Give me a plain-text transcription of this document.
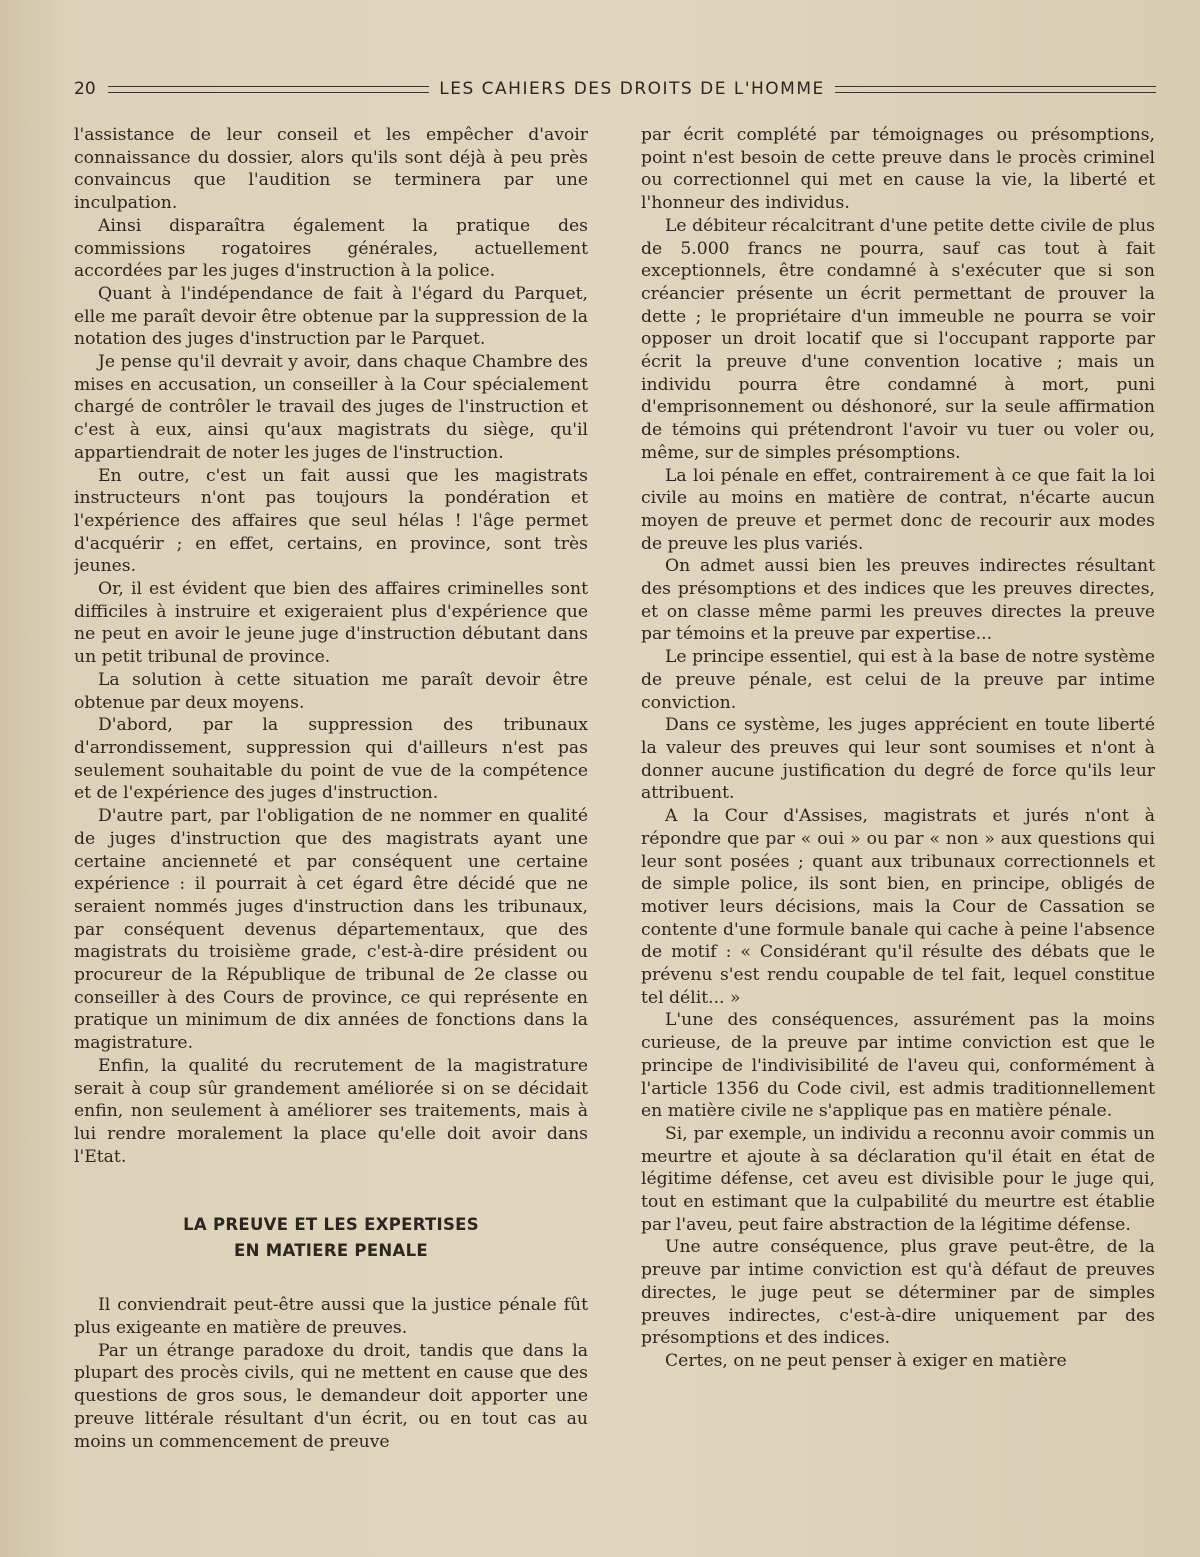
20	LES CAHIERS DES DROITS DE L'HOMME

l'assistance de leur conseil et les empêcher d'avoir connaissance du dossier, alors qu'ils sont déjà à peu près convaincus que l'audition se terminera par une inculpation.

Ainsi disparaîtra également la pratique des commissions rogatoires générales, actuellement accordées par les juges d'instruction à la police.

Quant à l'indépendance de fait à l'égard du Parquet, elle me paraît devoir être obtenue par la suppression de la notation des juges d'instruction par le Parquet.

Je pense qu'il devrait y avoir, dans chaque Chambre des mises en accusation, un conseiller à la Cour spécialement chargé de contrôler le travail des juges de l'instruction et c'est à eux, ainsi qu'aux magistrats du siège, qu'il appartiendrait de noter les juges de l'instruction.

En outre, c'est un fait aussi que les magistrats instructeurs n'ont pas toujours la pondération et l'expérience des affaires que seul hélas ! l'âge permet d'acquérir ; en effet, certains, en province, sont très jeunes.

Or, il est évident que bien des affaires criminelles sont difficiles à instruire et exigeraient plus d'expérience que ne peut en avoir le jeune juge d'instruction débutant dans un petit tribunal de province.

La solution à cette situation me paraît devoir être obtenue par deux moyens.

D'abord, par la suppression des tribunaux d'arrondissement, suppression qui d'ailleurs n'est pas seulement souhaitable du point de vue de la compétence et de l'expérience des juges d'instruction.

D'autre part, par l'obligation de ne nommer en qualité de juges d'instruction que des magistrats ayant une certaine ancienneté et par conséquent une certaine expérience : il pourrait à cet égard être décidé que ne seraient nommés juges d'instruction dans les tribunaux, par conséquent devenus départementaux, que des magistrats du troisième grade, c'est-à-dire président ou procureur de la République de tribunal de 2e classe ou conseiller à des Cours de province, ce qui représente en pratique un minimum de dix années de fonctions dans la magistrature.

Enfin, la qualité du recrutement de la magistrature serait à coup sûr grandement améliorée si on se décidait enfin, non seulement à améliorer ses traitements, mais à lui rendre moralement la place qu'elle doit avoir dans l'Etat.

LA PREUVE ET LES EXPERTISES
EN MATIERE PENALE

Il conviendrait peut-être aussi que la justice pénale fût plus exigeante en matière de preuves.

Par un étrange paradoxe du droit, tandis que dans la plupart des procès civils, qui ne mettent en cause que des questions de gros sous, le demandeur doit apporter une preuve littérale résultant d'un écrit, ou en tout cas au moins un commencement de preuve

par écrit complété par témoignages ou présomptions, point n'est besoin de cette preuve dans le procès criminel ou correctionnel qui met en cause la vie, la liberté et l'honneur des individus.

Le débiteur récalcitrant d'une petite dette civile de plus de 5.000 francs ne pourra, sauf cas tout à fait exceptionnels, être condamné à s'exécuter que si son créancier présente un écrit permettant de prouver la dette ; le propriétaire d'un immeuble ne pourra se voir opposer un droit locatif que si l'occupant rapporte par écrit la preuve d'une convention locative ; mais un individu pourra être condamné à mort, puni d'emprisonnement ou déshonoré, sur la seule affirmation de témoins qui prétendront l'avoir vu tuer ou voler ou, même, sur de simples présomptions.

La loi pénale en effet, contrairement à ce que fait la loi civile au moins en matière de contrat, n'écarte aucun moyen de preuve et permet donc de recourir aux modes de preuve les plus variés.

On admet aussi bien les preuves indirectes résultant des présomptions et des indices que les preuves directes, et on classe même parmi les preuves directes la preuve par témoins et la preuve par expertise...

Le principe essentiel, qui est à la base de notre système de preuve pénale, est celui de la preuve par intime conviction.

Dans ce système, les juges apprécient en toute liberté la valeur des preuves qui leur sont soumises et n'ont à donner aucune justification du degré de force qu'ils leur attribuent.

A la Cour d'Assises, magistrats et jurés n'ont à répondre que par « oui » ou par « non » aux questions qui leur sont posées ; quant aux tribunaux correctionnels et de simple police, ils sont bien, en principe, obligés de motiver leurs décisions, mais la Cour de Cassation se contente d'une formule banale qui cache à peine l'absence de motif : « Considérant qu'il résulte des débats que le prévenu s'est rendu coupable de tel fait, lequel constitue tel délit... »

L'une des conséquences, assurément pas la moins curieuse, de la preuve par intime conviction est que le principe de l'indivisibilité de l'aveu qui, conformément à l'article 1356 du Code civil, est admis traditionnellement en matière civile ne s'applique pas en matière pénale.

Si, par exemple, un individu a reconnu avoir commis un meurtre et ajoute à sa déclaration qu'il était en état de légitime défense, cet aveu est divisible pour le juge qui, tout en estimant que la culpabilité du meurtre est établie par l'aveu, peut faire abstraction de la légitime défense.

Une autre conséquence, plus grave peut-être, de la preuve par intime conviction est qu'à défaut de preuves directes, le juge peut se déterminer par de simples preuves indirectes, c'est-à-dire uniquement par des présomptions et des indices.

Certes, on ne peut penser à exiger en matière
